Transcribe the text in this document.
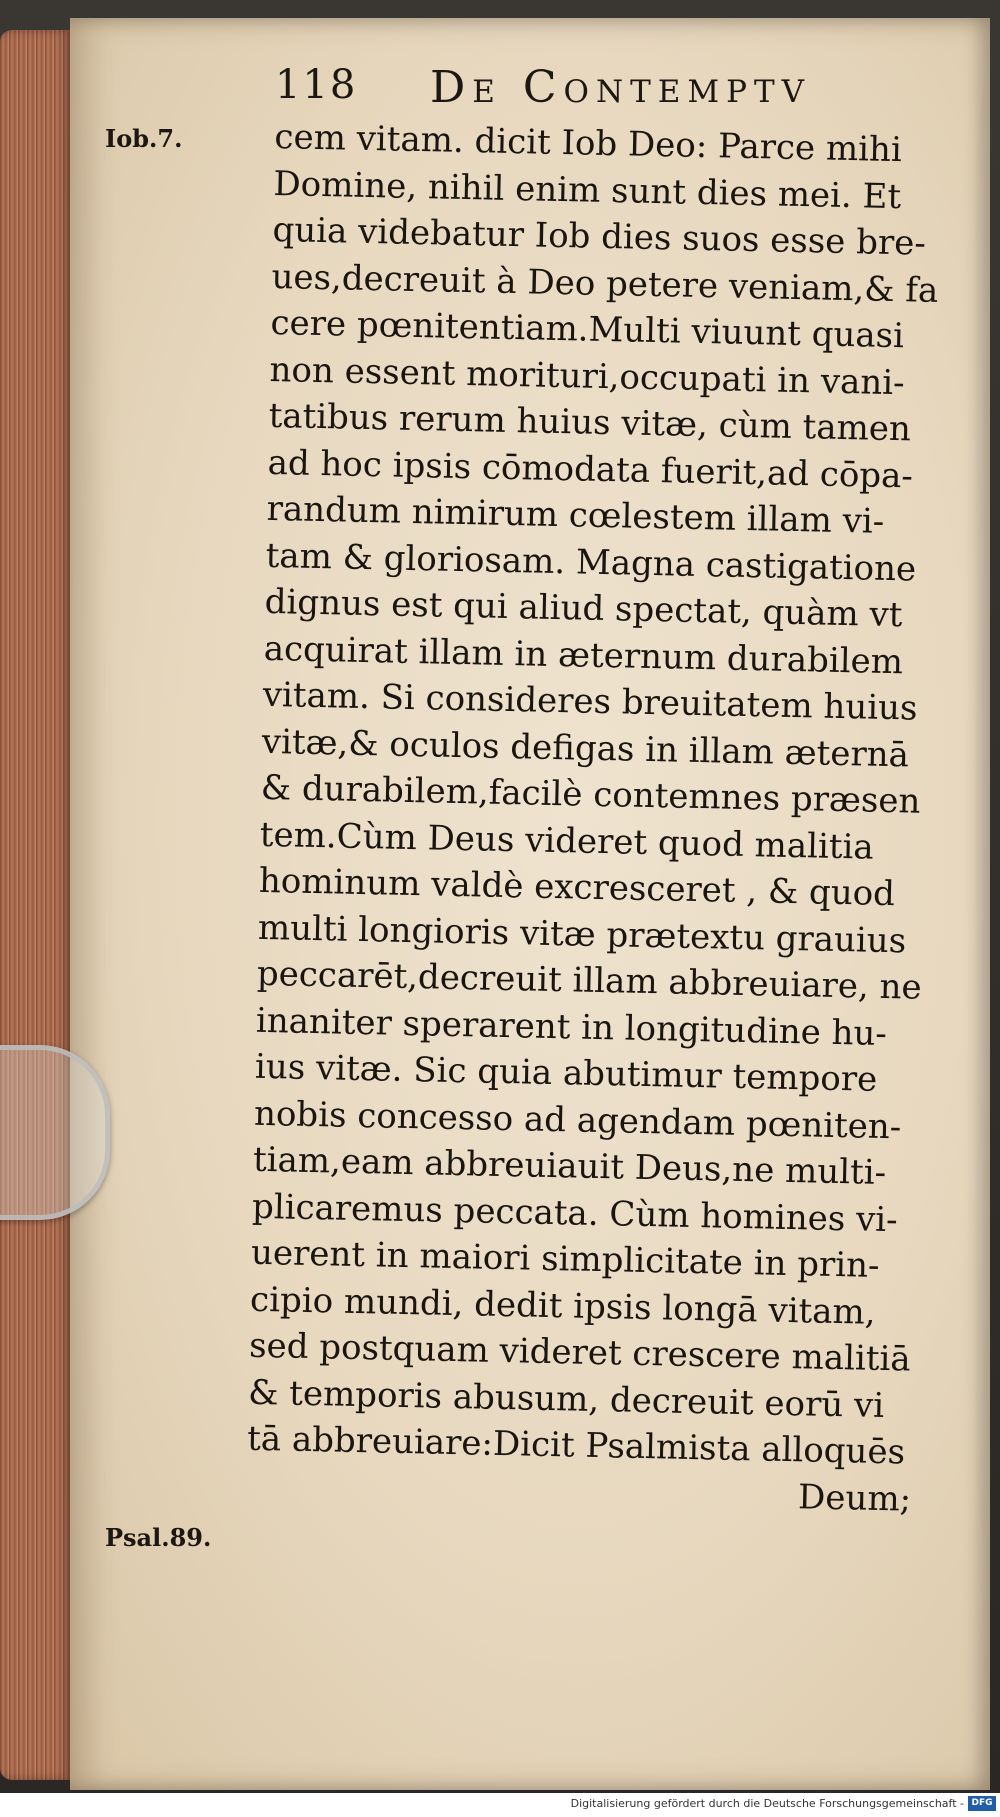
118 De Contemptv
Iob.7.
Psal.89.
cem vitam. dicit Iob Deo: Parce mihi
Domine, nihil enim sunt dies mei. Et
quia videbatur Iob dies suos esse bre-
ues,decreuit à Deo petere veniam,& fa
cere pœnitentiam.Multi viuunt quasi
non essent morituri,occupati in vani-
tatibus rerum huius vitæ, cùm tamen
ad hoc ipsis cōmodata fuerit,ad cōpa-
randum nimirum cœlestem illam vi-
tam & gloriosam. Magna castigatione
dignus est qui aliud spectat, quàm vt
acquirat illam in æternum durabilem
vitam. Si consideres breuitatem huius
vitæ,& oculos defigas in illam æternā
& durabilem,facilè contemnes præsen
tem.Cùm Deus videret quod malitia
hominum valdè excresceret , & quod
multi longioris vitæ prætextu grauius
peccarēt,decreuit illam abbreuiare, ne
inaniter sperarent in longitudine hu-
ius vitæ. Sic quia abutimur tempore
nobis concesso ad agendam pœniten-
tiam,eam abbreuiauit Deus,ne multi-
plicaremus peccata. Cùm homines vi-
uerent in maiori simplicitate in prin-
cipio mundi, dedit ipsis longā vitam,
sed postquam videret crescere malitiā
& temporis abusum, decreuit eorū vi
tā abbreuiare:Dicit Psalmista alloquēs
Deum;
Digitalisierung gefördert durch die Deutsche Forschungsgemeinschaft - DFG
